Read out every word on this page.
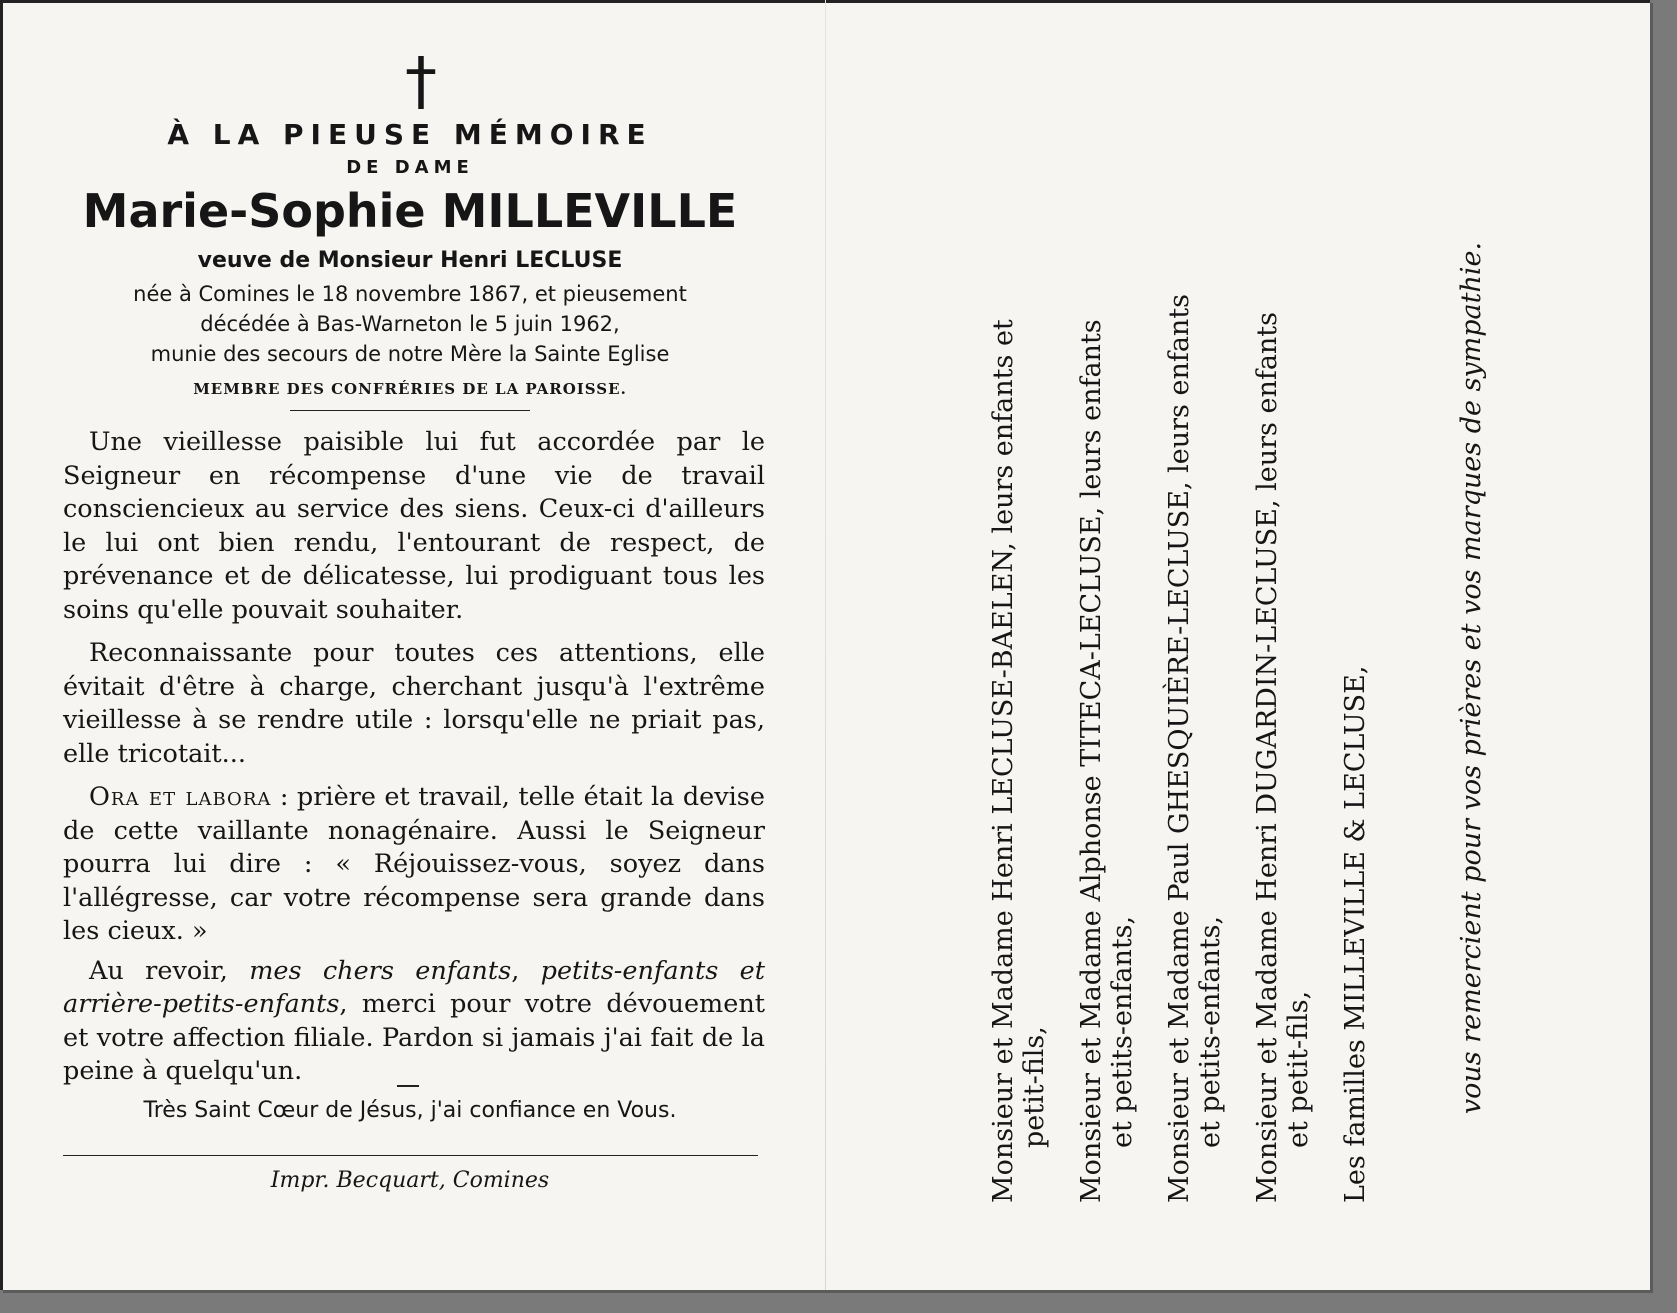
†
À LA PIEUSE MÉMOIRE
DE DAME
Marie-Sophie MILLEVILLE
veuve de Monsieur Henri LECLUSE
née à Comines le 18 novembre 1867, et pieusement
décédée à Bas-Warneton le 5 juin 1962,
munie des secours de notre Mère la Sainte Eglise
MEMBRE DES CONFRÉRIES DE LA PAROISSE.

Une vieillesse paisible lui fut accordée par le Seigneur en récompense d'une vie de travail consciencieux au service des siens. Ceux-ci d'ailleurs le lui ont bien rendu, l'entourant de respect, de prévenance et de délicatesse, lui prodiguant tous les soins qu'elle pouvait souhaiter.

Reconnaissante pour toutes ces attentions, elle évitait d'être à charge, cherchant jusqu'à l'extrême vieillesse à se rendre utile : lorsqu'elle ne priait pas, elle tricotait...

Ora et labora : prière et travail, telle était la devise de cette vaillante nonagénaire. Aussi le Seigneur pourra lui dire : « Réjouissez-vous, soyez dans l'allégresse, car votre récompense sera grande dans les cieux. »

Au revoir, mes chers enfants, petits-enfants et arrière-petits-enfants, merci pour votre dévouement et votre affection filiale. Pardon si jamais j'ai fait de la peine à quelqu'un.

Très Saint Cœur de Jésus, j'ai confiance en Vous.
Impr. Becquart, Comines	Monsieur et Madame Henri LECLUSE-BAELEN, leurs enfants et petit-fils, Monsieur et Madame Alphonse TITECA-LECLUSE, leurs enfants et petits-enfants, Monsieur et Madame Paul GHESQUIÈRE-LECLUSE, leurs enfants et petits-enfants, Monsieur et Madame Henri DUGARDIN-LECLUSE, leurs enfants et petit-fils, Les familles MILLEVILLE & LECLUSE,	vous remercient pour vos prières et vos marques de sympathie.
